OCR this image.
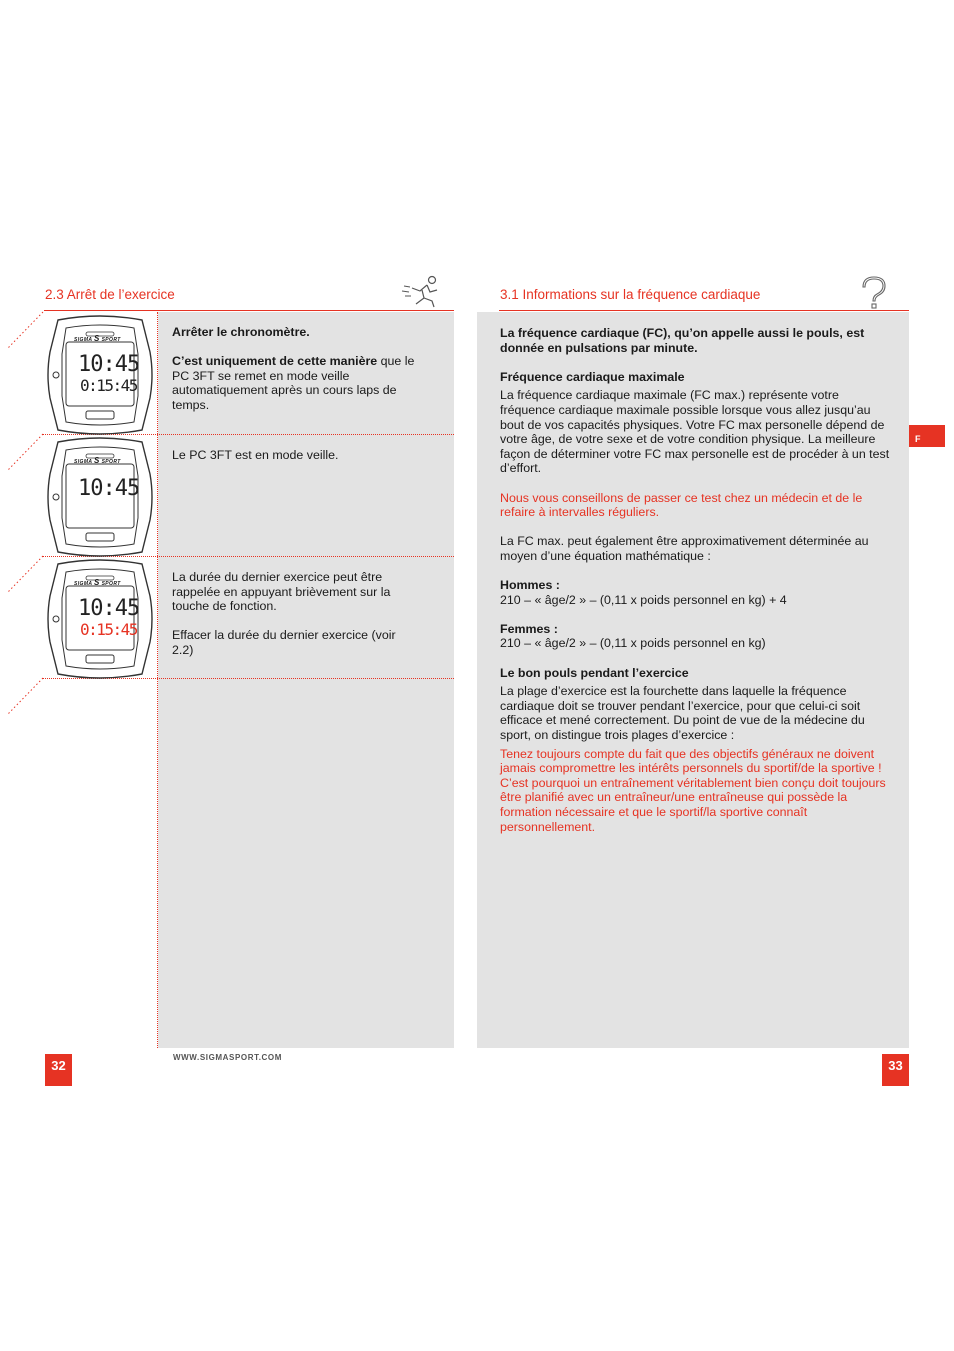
2.3 Arrêt de l’exercice
SIGMA S SPORT
10:45
0:15:45
SIGMA S SPORT
10:45
SIGMA S SPORT
10:45
0:15:45

Arrêter le chronomètre.

C’est uniquement de cette manière que le PC 3FT se remet en mode veille automatiquement après un cours laps de temps.

Le PC 3FT est en mode veille.

La durée du dernier exercice peut être rappelée en appuyant brièvement sur la touche de fonction.

Effacer la durée du dernier exercice (voir 2.2)

WWW.SIGMASPORT.COM
32
3.1 Informations sur la fréquence cardiaque
F

La fréquence cardiaque (FC), qu’on appelle aussi le pouls, est donnée en pulsations par minute.

Fréquence cardiaque maximale

La fréquence cardiaque maximale (FC max.) représente votre fréquence cardiaque maximale possible lorsque vous allez jusqu’au bout de vos capacités physiques. Votre FC max personelle dépend de votre âge, de votre sexe et de votre condition physique. La meilleure façon de déterminer votre FC max personelle est de procéder à un test d’effort.

Nous vous conseillons de passer ce test chez un médecin et de le refaire à intervalles réguliers.

La FC max. peut également être approximativement déterminée au moyen d’une équation mathématique :

Hommes :

210 – « âge/2 » – (0,11 x poids personnel en kg) + 4

Femmes :

210 – « âge/2 » – (0,11 x poids personnel en kg)

Le bon pouls pendant l’exercice

La plage d’exercice est la fourchette dans laquelle la fréquence cardiaque doit se trouver pendant l’exercice, pour que celui-ci soit efficace et mené correctement. Du point de vue de la médecine du sport, on distingue trois plages d’exercice :

Tenez toujours compte du fait que des objectifs généraux ne doivent jamais compromettre les intérêts personnels du sportif/de la sportive ! C’est pourquoi un entraînement véritablement bien conçu doit toujours être planifié avec un entraîneur/une entraîneuse qui possède la formation nécessaire et que le sportif/la sportive connaît personnellement.

33
